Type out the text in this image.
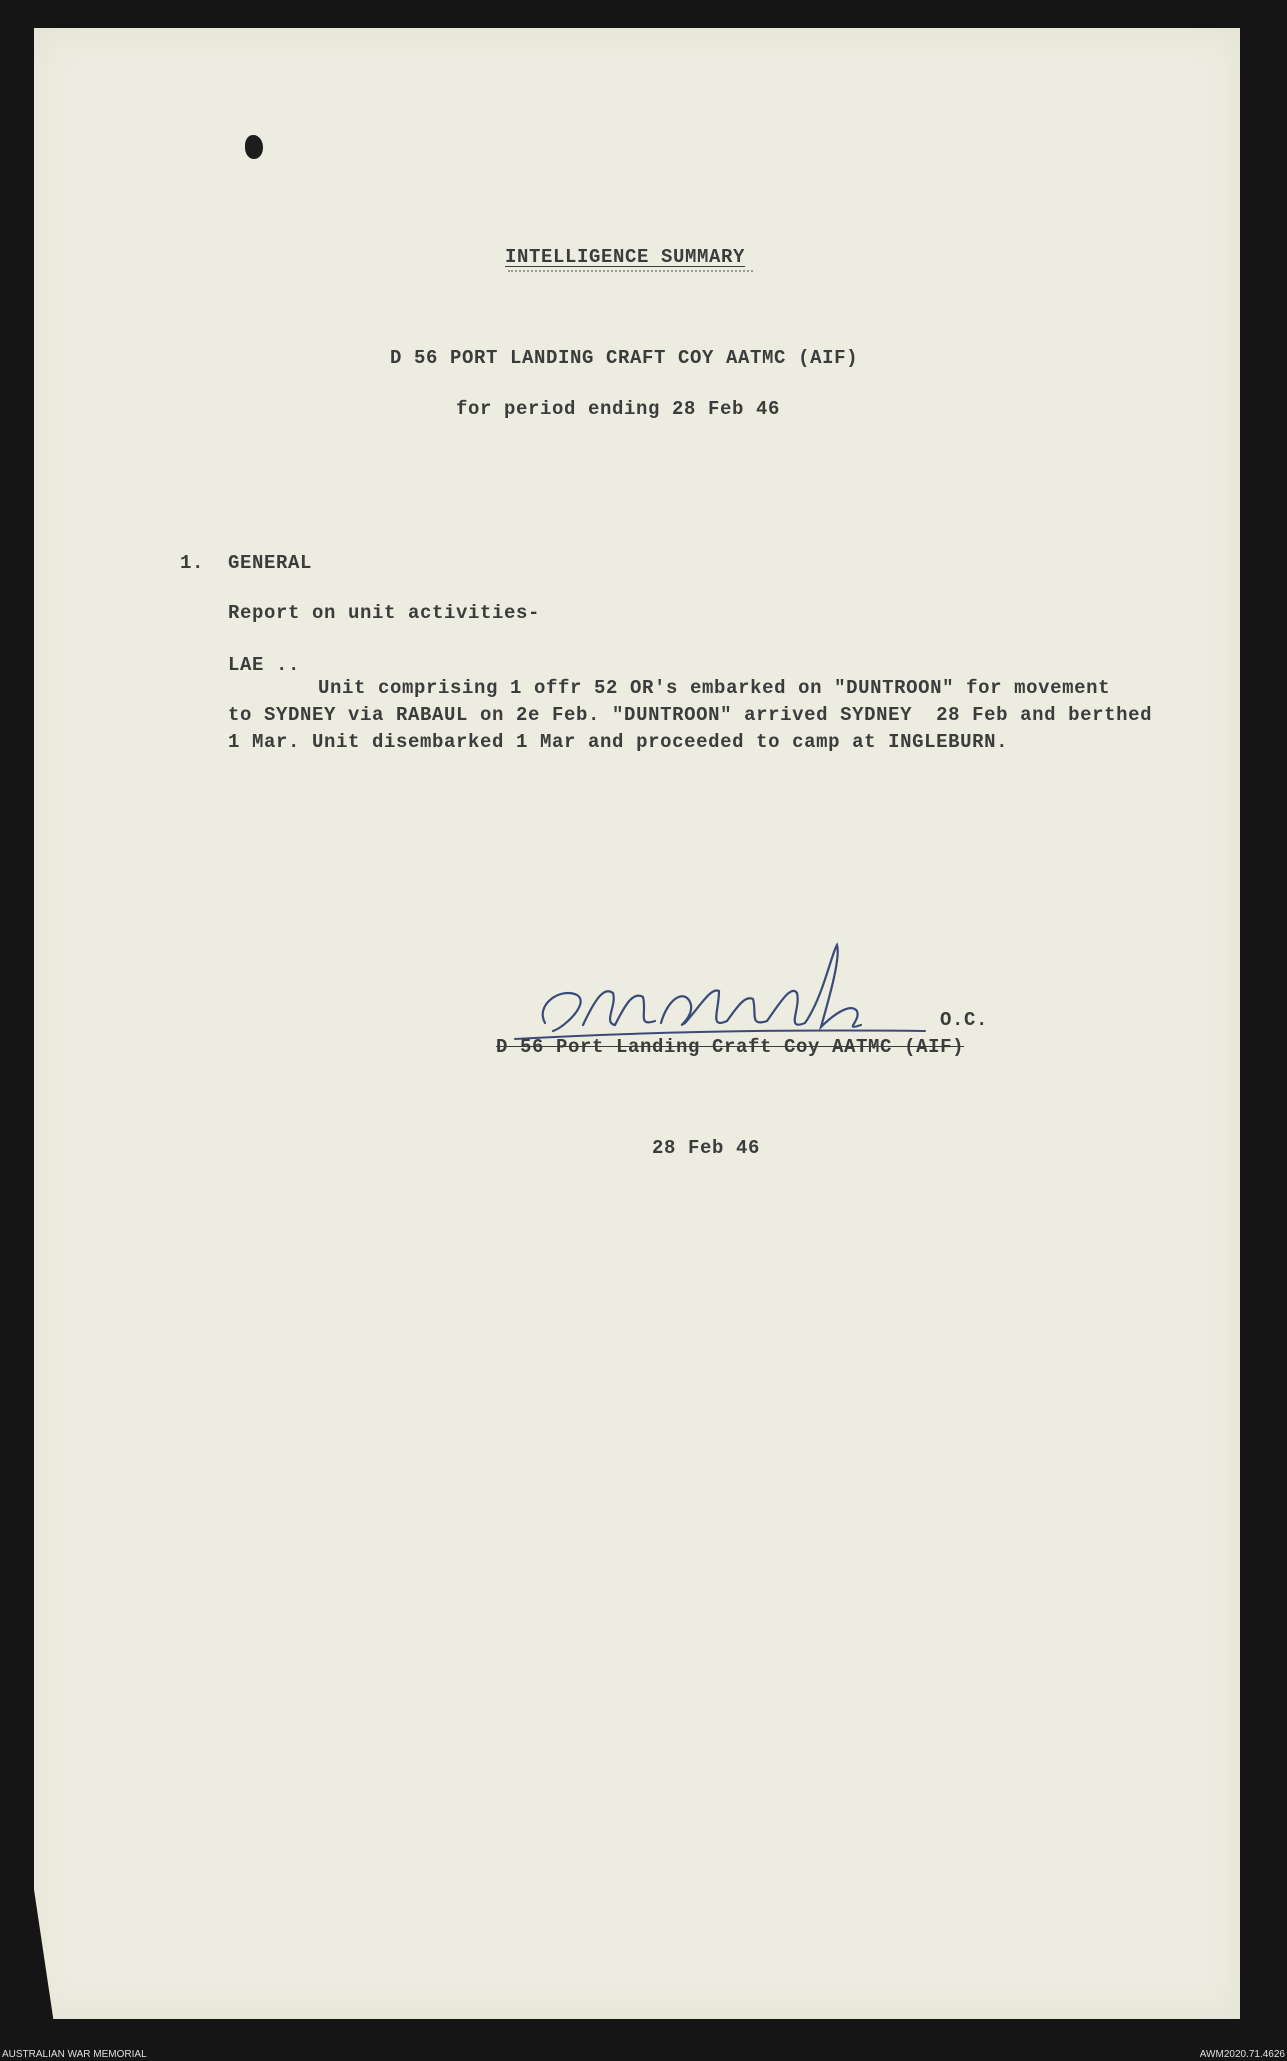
INTELLIGENCE SUMMARY
D 56 PORT LANDING CRAFT COY AATMC (AIF)
for period ending 28 Feb 46
1. GENERAL
Report on unit activities-
LAE ..
Unit comprising 1 offr 52 OR's embarked on "DUNTROON" for movement
to SYDNEY via RABAUL on 2e Feb. "DUNTROON" arrived SYDNEY  28 Feb and berthed
1 Mar. Unit disembarked 1 Mar and proceeded to camp at INGLEBURN.
O.C.
D 56 Port Landing Craft Coy AATMC (AIF)
28 Feb 46
AUSTRALIAN WAR MEMORIAL	AWM2020.71.4626
